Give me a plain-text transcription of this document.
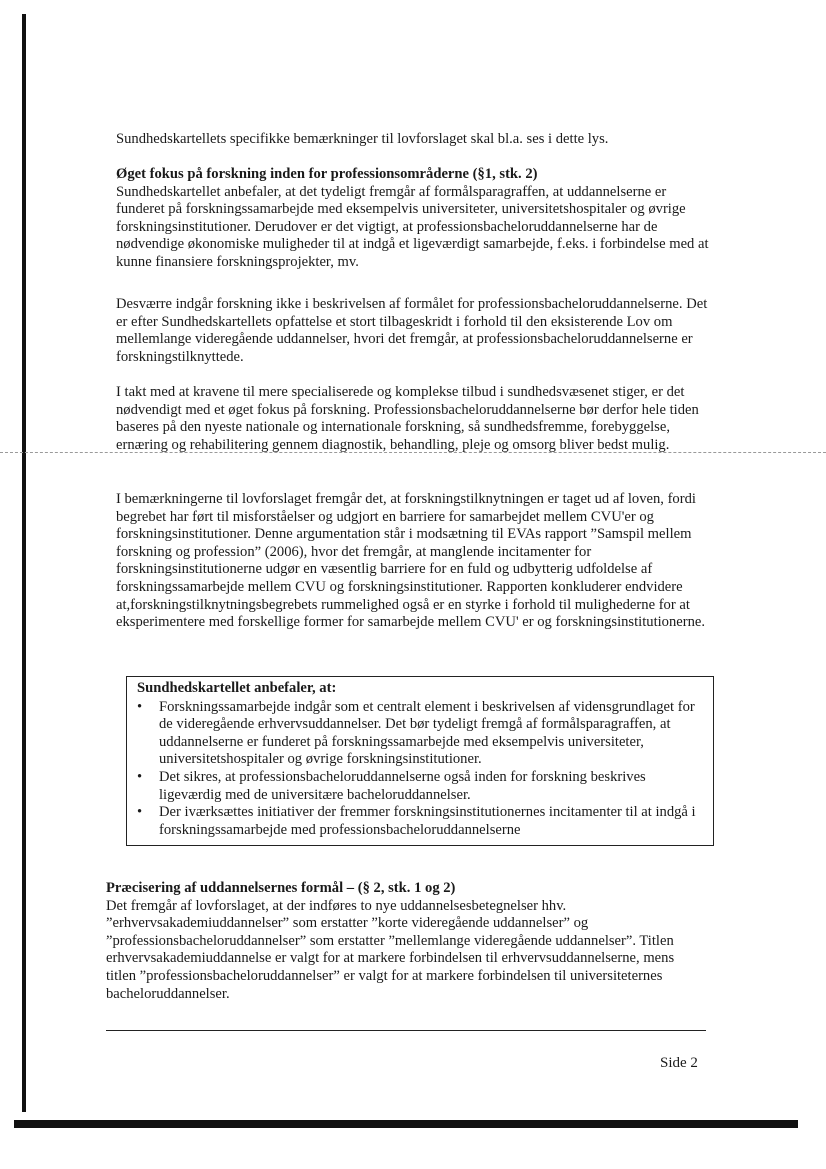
Sundhedskartellets specifikke bemærkninger til lovforslaget skal bl.a. ses i dette lys.

Øget fokus på forskning inden for professionsområderne (§1, stk. 2)

Sundhedskartellet anbefaler, at det tydeligt fremgår af formålsparagraffen, at uddannelserne er funderet på forskningssamarbejde med eksempelvis universiteter, universitetshospitaler og øvrige forskningsinstitutioner. Derudover er det vigtigt, at professionsbacheloruddannelserne har de nødvendige økonomiske muligheder til at indgå et ligeværdigt samarbejde, f.eks. i forbindelse med at kunne finansiere forskningsprojekter, mv.

Desværre indgår forskning ikke i beskrivelsen af formålet for professionsbacheloruddannelserne. Det er efter Sundhedskartellets opfattelse et stort tilbageskridt i forhold til den eksisterende Lov om mellemlange videregående uddannelser, hvori det fremgår, at professionsbacheloruddannelserne er forskningstilknyttede.

I takt med at kravene til mere specialiserede og komplekse tilbud i sundhedsvæsenet stiger, er det nødvendigt med et øget fokus på forskning. Professionsbacheloruddannelserne bør derfor hele tiden baseres på den nyeste nationale og internationale forskning, så sundhedsfremme, forebyggelse, ernæring og rehabilitering gennem diagnostik, behandling, pleje og omsorg bliver bedst mulig.

I bemærkningerne til lovforslaget fremgår det, at forskningstilknytningen er taget ud af loven, fordi begrebet har ført til misforståelser og udgjort en barriere for samarbejdet mellem CVU'er og forskningsinstitutioner. Denne argumentation står i modsætning til EVAs rapport ”Samspil mellem forskning og profession” (2006), hvor det fremgår, at manglende incitamenter for forskningsinstitutionerne udgør en væsentlig barriere for en fuld og udbytterig udfoldelse af forskningssamarbejde mellem CVU og forskningsinstitutioner. Rapporten konkluderer endvidere at,forskningstilknytningsbegrebets rummelighed også er en styrke i forhold til mulighederne for at eksperimentere med forskellige former for samarbejde mellem CVU' er og forskningsinstitutionerne.

Sundhedskartellet anbefaler, at:

• Forskningssamarbejde indgår som et centralt element i beskrivelsen af vidensgrundlaget for de videregående erhvervsuddannelser. Det bør tydeligt fremgå af formålsparagraffen, at uddannelserne er funderet på forskningssamarbejde med eksempelvis universiteter, universitetshospitaler og øvrige forskningsinstitutioner.
• Det sikres, at professionsbacheloruddannelserne også inden for forskning beskrives ligeværdig med de universitære bacheloruddannelser.
• Der iværksættes initiativer der fremmer forskningsinstitutionernes incitamenter til at indgå i forskningssamarbejde med professionsbacheloruddannelserne

Præcisering af uddannelsernes formål – (§ 2, stk. 1 og 2)

Det fremgår af lovforslaget, at der indføres to nye uddannelsesbetegnelser hhv. ”erhvervsakademiuddannelser” som erstatter ”korte videregående uddannelser” og ”professionsbacheloruddannelser” som erstatter ”mellemlange videregående uddannelser”. Titlen erhvervsakademiuddannelse er valgt for at markere forbindelsen til erhvervsuddannelserne, mens titlen ”professionsbacheloruddannelser” er valgt for at markere forbindelsen til universiteternes bacheloruddannelser.

Side 2
